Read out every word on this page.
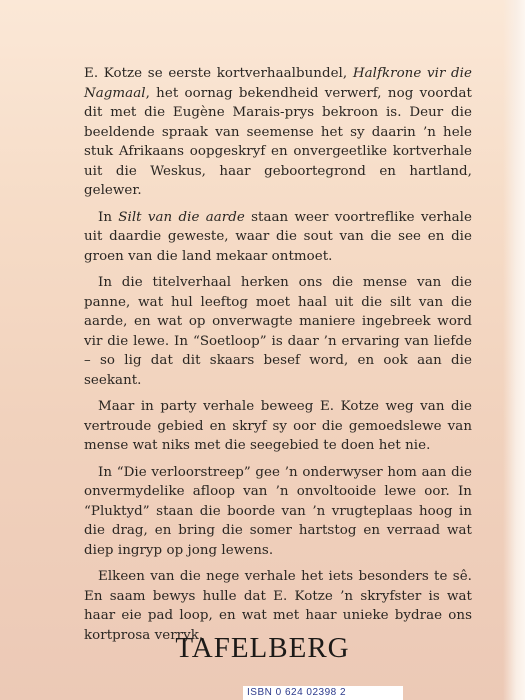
E. Kotze se eerste kortverhaalbundel, Halfkrone vir die Nagmaal, het oornag bekendheid verwerf, nog voordat dit met die Eugène Marais-prys bekroon is. Deur die beeldende spraak van seemense het sy daarin ’n hele stuk Afrikaans oopgeskryf en onvergeetlike kortverhale uit die Weskus, haar geboortegrond en hartland, gelewer.

In Silt van die aarde staan weer voortreflike verhale uit daardie geweste, waar die sout van die see en die groen van die land mekaar ontmoet.

In die titelverhaal herken ons die mense van die panne, wat hul leeftog moet haal uit die silt van die aarde, en wat op onverwagte maniere ingebreek word vir die lewe. In “Soetloop” is daar ’n ervaring van liefde – so lig dat dit skaars besef word, en ook aan die seekant.

Maar in party verhale beweeg E. Kotze weg van die vertroude gebied en skryf sy oor die gemoedslewe van mense wat niks met die seegebied te doen het nie.

In “Die verloorstreep” gee ’n onderwyser hom aan die onvermydelike afloop van ’n onvoltooide lewe oor. In “Pluktyd” staan die boorde van ’n vrugteplaas hoog in die drag, en bring die somer hartstog en verraad wat diep ingryp op jong lewens.

Elkeen van die nege verhale het iets besonders te sê. En saam bewys hulle dat E. Kotze ’n skryfster is wat haar eie pad loop, en wat met haar unieke bydrae ons kortprosa verryk.

TAFELBERG
ISBN 0 624 02398 2
